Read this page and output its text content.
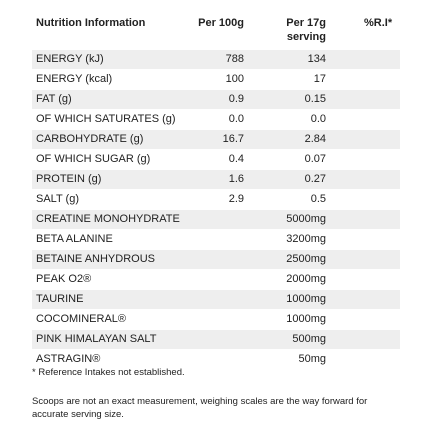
Nutrition Information	Per 100g	Per 17g
serving	%R.I*
ENERGY (kJ)	788	134	
ENERGY (kcal)	100	17	
FAT (g)	0.9	0.15	
OF WHICH SATURATES (g)	0.0	0.0	
CARBOHYDRATE (g)	16.7	2.84	
OF WHICH SUGAR (g)	0.4	0.07	
PROTEIN (g)	1.6	0.27	
SALT (g)	2.9	0.5	
CREATINE MONOHYDRATE		5000mg	
BETA ALANINE		3200mg	
BETAINE ANHYDROUS		2500mg	
PEAK O2®		2000mg	
TAURINE		1000mg	
COCOMINERAL®		1000mg	
PINK HIMALAYAN SALT		500mg	
ASTRAGIN®		50mg	
* Reference Intakes not established.
Scoops are not an exact measurement, weighing scales are the way forward for accurate serving size.
